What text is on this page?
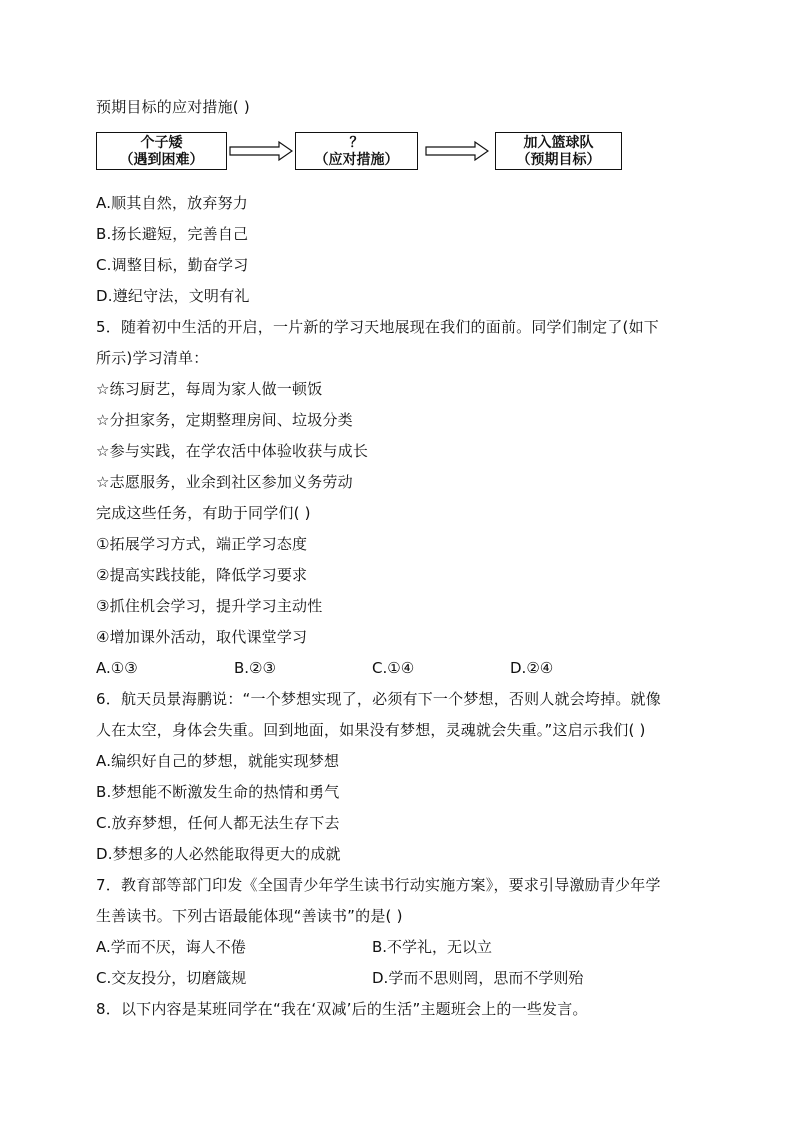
预期目标的应对措施( )
个子矮
（遇到困难）
？
（应对措施）
加入篮球队
（预期目标）
A.顺其自然，放弃努力
B.扬长避短，完善自己
C.调整目标，勤奋学习
D.遵纪守法，文明有礼
5．随着初中生活的开启，一片新的学习天地展现在我们的面前。同学们制定了(如下
所示)学习清单：
☆练习厨艺，每周为家人做一顿饭
☆分担家务，定期整理房间、垃圾分类
☆参与实践，在学农活中体验收获与成长
☆志愿服务，业余到社区参加义务劳动
完成这些任务，有助于同学们( )
①拓展学习方式，端正学习态度
②提高实践技能，降低学习要求
③抓住机会学习，提升学习主动性
④增加课外活动，取代课堂学习
A.①③	B.②③	C.①④	D.②④
6．航天员景海鹏说：“一个梦想实现了，必须有下一个梦想，否则人就会垮掉。就像
人在太空，身体会失重。回到地面，如果没有梦想，灵魂就会失重。”这启示我们( )
A.编织好自己的梦想，就能实现梦想
B.梦想能不断激发生命的热情和勇气
C.放弃梦想，任何人都无法生存下去
D.梦想多的人必然能取得更大的成就
7．教育部等部门印发《全国青少年学生读书行动实施方案》，要求引导激励青少年学
生善读书。下列古语最能体现“善读书”的是( )
A.学而不厌，诲人不倦	B.不学礼，无以立
C.交友投分，切磨箴规	D.学而不思则罔，思而不学则殆
8．以下内容是某班同学在“我在‘双减’后的生活”主题班会上的一些发言。
